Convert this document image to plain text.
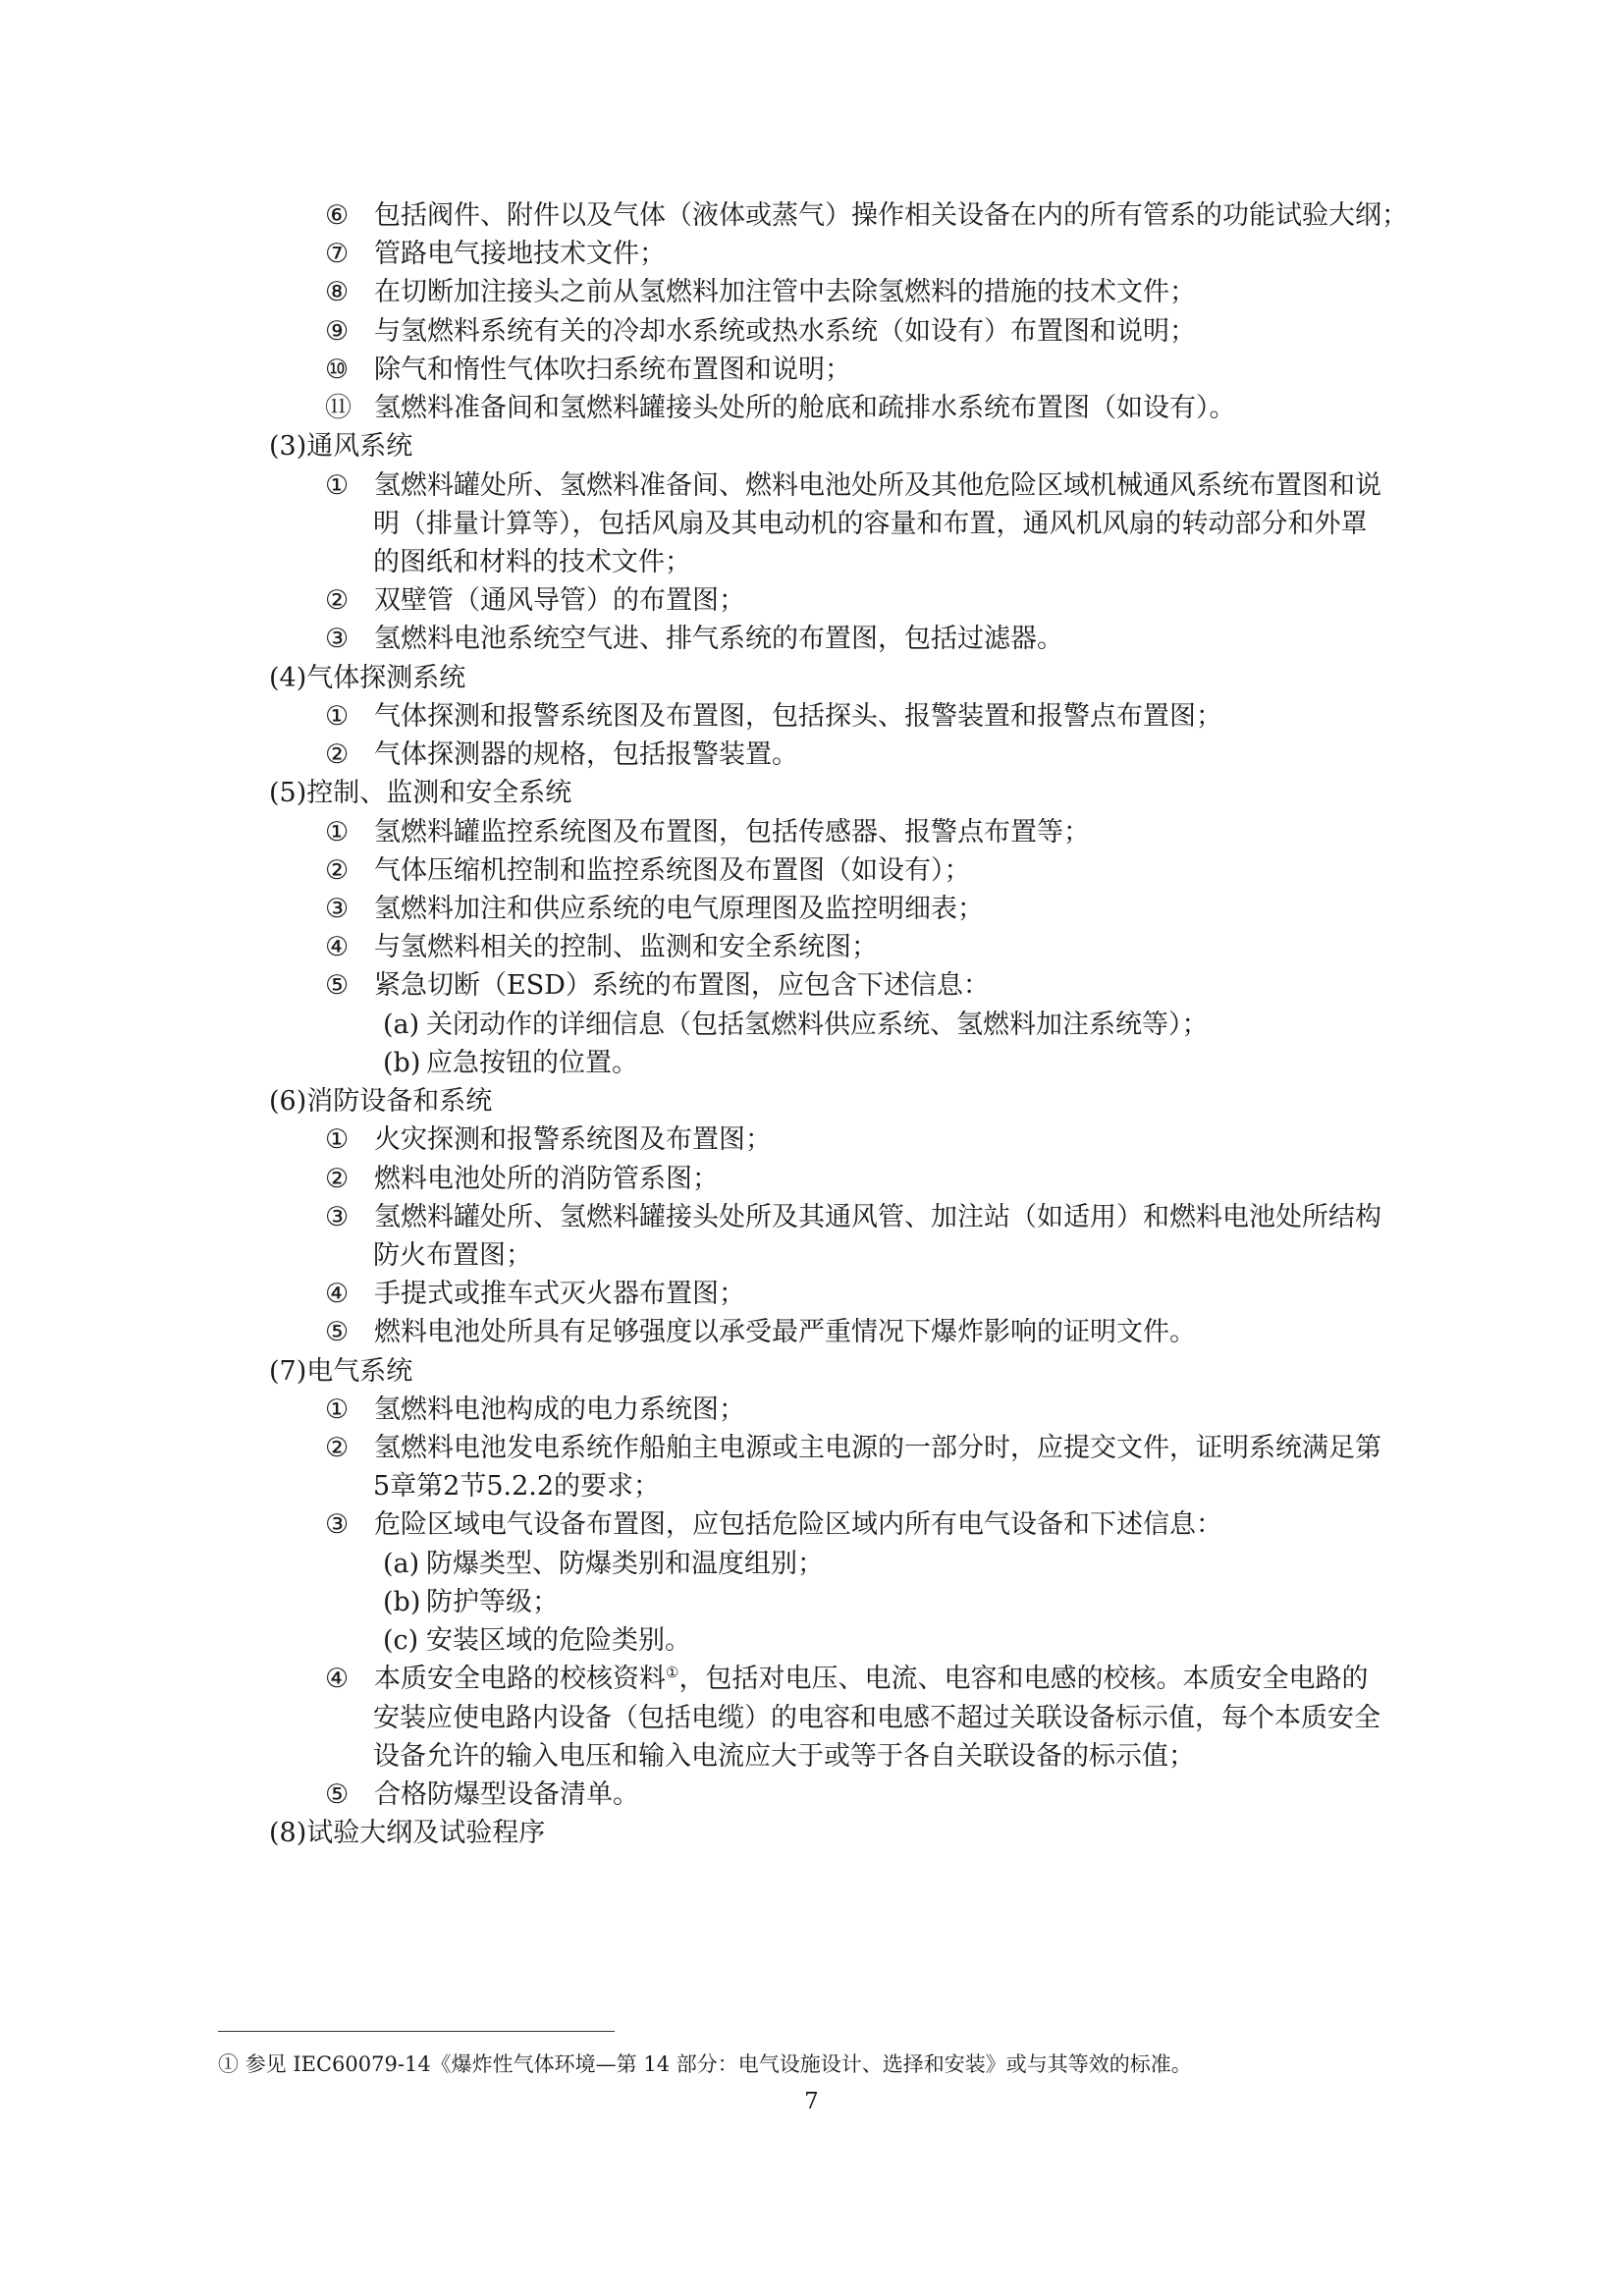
⑥ 包括阀件、附件以及气体（液体或蒸气）操作相关设备在内的所有管系的功能试验大纲；
⑦ 管路电气接地技术文件；
⑧ 在切断加注接头之前从氢燃料加注管中去除氢燃料的措施的技术文件；
⑨ 与氢燃料系统有关的冷却水系统或热水系统（如设有）布置图和说明；
⑩ 除气和惰性气体吹扫系统布置图和说明；
⑪ 氢燃料准备间和氢燃料罐接头处所的舱底和疏排水系统布置图（如设有）。
(3)通风系统
① 氢燃料罐处所、氢燃料准备间、燃料电池处所及其他危险区域机械通风系统布置图和说
明（排量计算等），包括风扇及其电动机的容量和布置，通风机风扇的转动部分和外罩
的图纸和材料的技术文件；
② 双壁管（通风导管）的布置图；
③ 氢燃料电池系统空气进、排气系统的布置图，包括过滤器。
(4)气体探测系统
① 气体探测和报警系统图及布置图，包括探头、报警装置和报警点布置图；
② 气体探测器的规格，包括报警装置。
(5)控制、监测和安全系统
① 氢燃料罐监控系统图及布置图，包括传感器、报警点布置等；
② 气体压缩机控制和监控系统图及布置图（如设有）；
③ 氢燃料加注和供应系统的电气原理图及监控明细表；
④ 与氢燃料相关的控制、监测和安全系统图；
⑤ 紧急切断（ESD）系统的布置图，应包含下述信息：
(a) 关闭动作的详细信息（包括氢燃料供应系统、氢燃料加注系统等）；
(b) 应急按钮的位置。
(6)消防设备和系统
① 火灾探测和报警系统图及布置图；
② 燃料电池处所的消防管系图；
③ 氢燃料罐处所、氢燃料罐接头处所及其通风管、加注站（如适用）和燃料电池处所结构
防火布置图；
④ 手提式或推车式灭火器布置图；
⑤ 燃料电池处所具有足够强度以承受最严重情况下爆炸影响的证明文件。
(7)电气系统
① 氢燃料电池构成的电力系统图；
② 氢燃料电池发电系统作船舶主电源或主电源的一部分时，应提交文件，证明系统满足第
5章第2节5.2.2的要求；
③ 危险区域电气设备布置图，应包括危险区域内所有电气设备和下述信息：
(a) 防爆类型、防爆类别和温度组别；
(b) 防护等级；
(c) 安装区域的危险类别。
④ 本质安全电路的校核资料①，包括对电压、电流、电容和电感的校核。本质安全电路的
安装应使电路内设备（包括电缆）的电容和电感不超过关联设备标示值，每个本质安全
设备允许的输入电压和输入电流应大于或等于各自关联设备的标示值；
⑤ 合格防爆型设备清单。
(8)试验大纲及试验程序
① 参见 IEC60079-14《爆炸性气体环境—第 14 部分：电气设施设计、选择和安装》或与其等效的标准。
7
